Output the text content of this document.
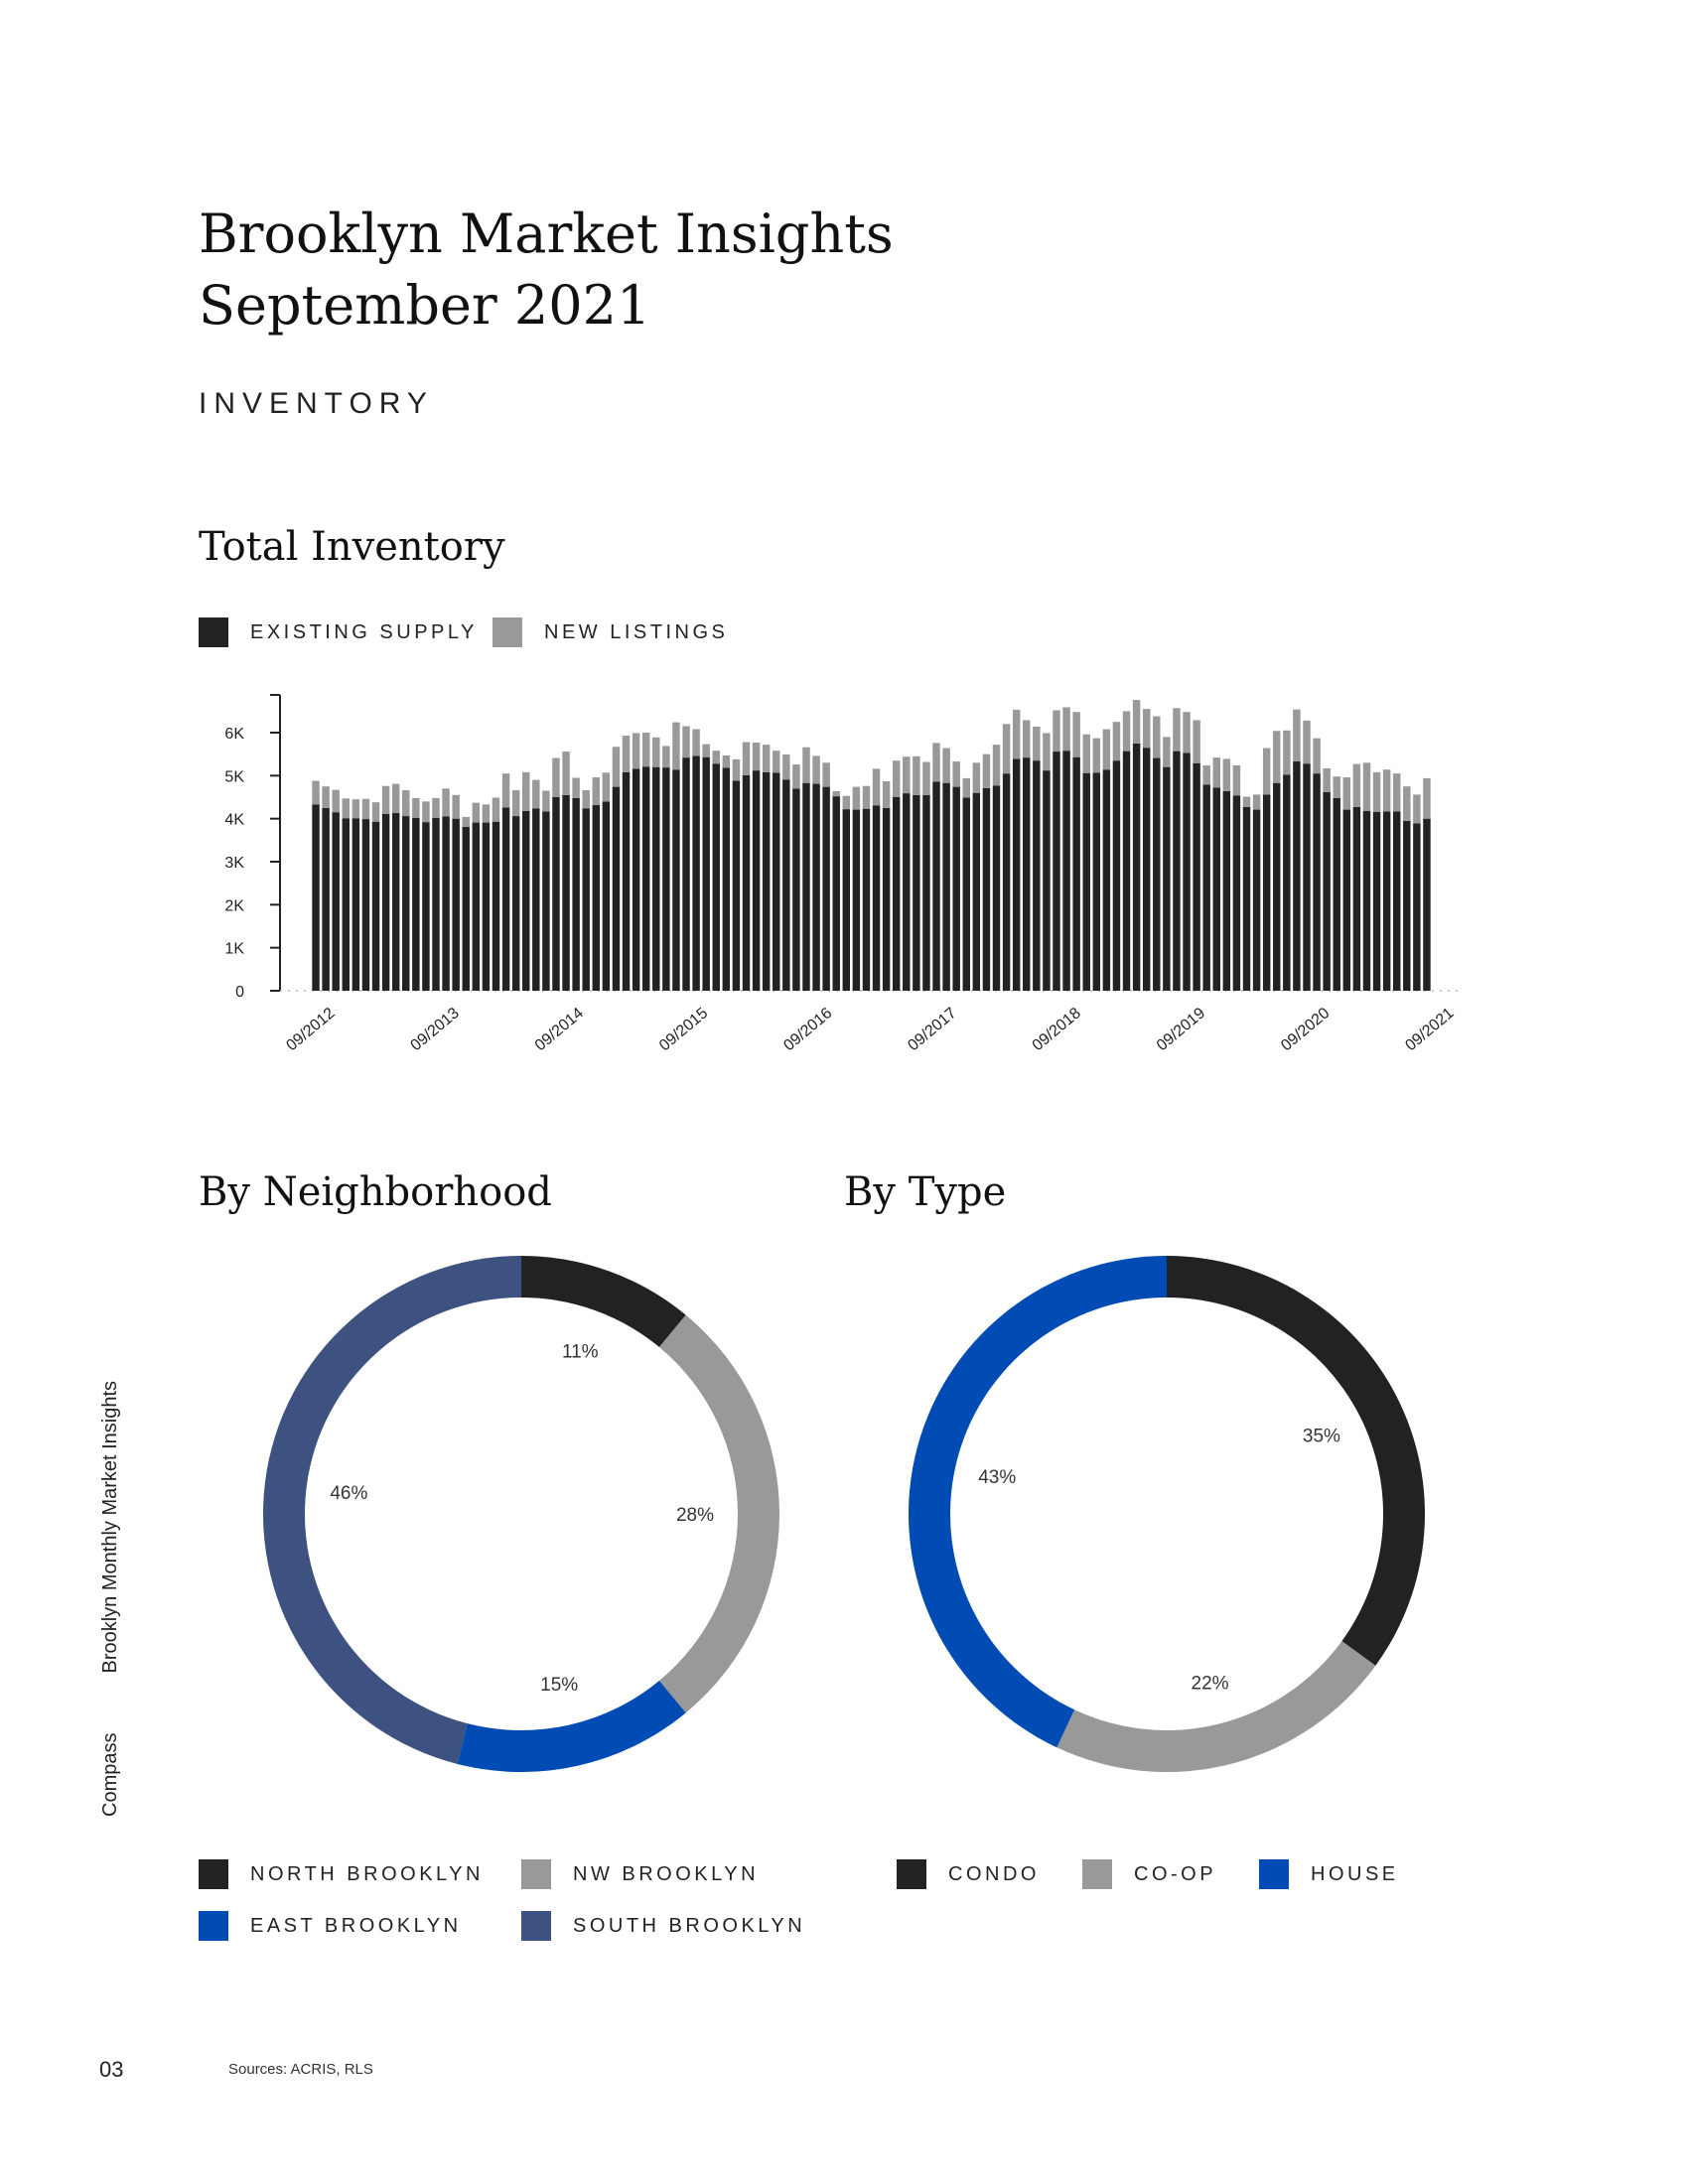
Brooklyn Market Insights
September 2021
INVENTORY
Total Inventory
EXISTING SUPPLY	NEW LISTINGS
0
1K
2K
3K
4K
5K
6K
09/2012	09/2013	09/2014	09/2015	09/2016	09/2017	09/2018	09/2019	09/2020	09/2021
By Neighborhood	By Type
11%
28%
15%
46%
35%
22%
43%
NORTH BROOKLYN	NW BROOKLYN
EAST BROOKLYN	SOUTH BROOKLYN
CONDO	CO-OP	HOUSE
CompassBrooklyn Monthly Market Insights
03	Sources: ACRIS, RLS
